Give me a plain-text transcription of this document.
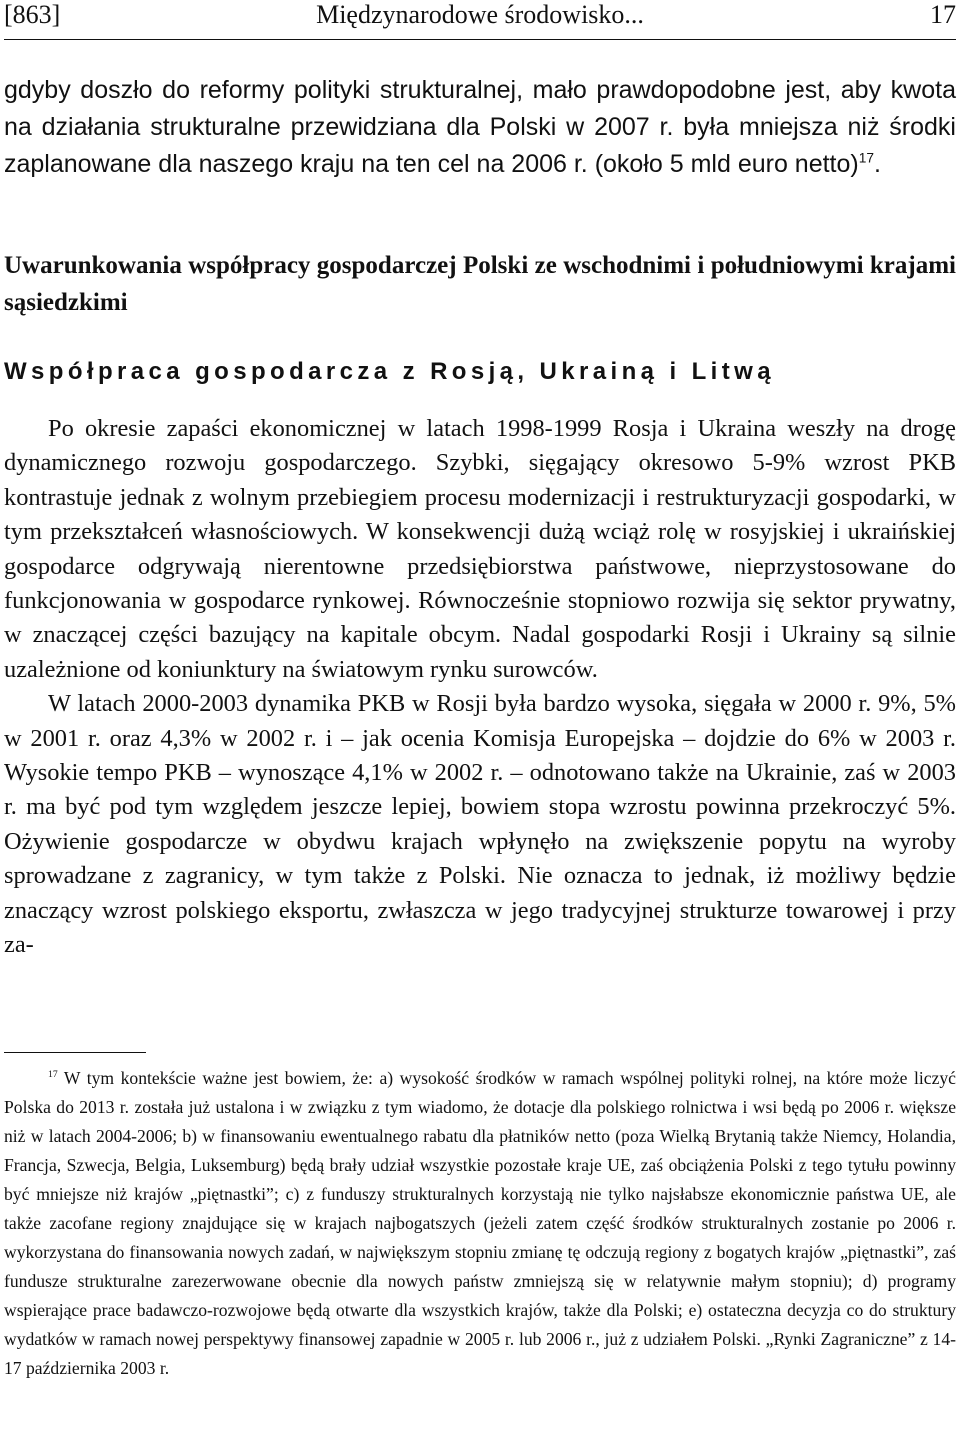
[863]	Międzynarodowe środowisko...	17

gdyby doszło do reformy polityki strukturalnej, mało prawdopodobne jest, aby kwota na działania strukturalne przewidziana dla Polski w 2007 r. była mniejsza niż środki zaplanowane dla naszego kraju na ten cel na 2006 r. (około 5 mld euro netto)$^{17}$.

Uwarunkowania współpracy gospodarczej Polski ze wschodnimi i południowymi krajami sąsiedzkimi
Współpraca gospodarcza z Rosją, Ukrainą i Litwą

Po okresie zapaści ekonomicznej w latach 1998-1999 Rosja i Ukraina weszły na drogę dynamicznego rozwoju gospodarczego. Szybki, sięgający okresowo 5-9% wzrost PKB kontrastuje jednak z wolnym przebiegiem procesu modernizacji i restrukturyzacji gospodarki, w tym przekształceń własnościowych. W konsekwencji dużą wciąż rolę w rosyjskiej i ukraińskiej gospodarce odgrywają nierentowne przedsiębiorstwa państwowe, nieprzystosowane do funkcjonowania w gospodarce rynkowej. Równocześnie stopniowo rozwija się sektor prywatny, w znaczącej części bazujący na kapitale obcym. Nadal gospodarki Rosji i Ukrainy są silnie uzależnione od koniunktury na światowym rynku surowców.

W latach 2000-2003 dynamika PKB w Rosji była bardzo wysoka, sięgała w 2000 r. 9%, 5% w 2001 r. oraz 4,3% w 2002 r. i – jak ocenia Komisja Europejska – dojdzie do 6% w 2003 r. Wysokie tempo PKB – wynoszące 4,1% w 2002 r. – odnotowano także na Ukrainie, zaś w 2003 r. ma być pod tym względem jeszcze lepiej, bowiem stopa wzrostu powinna przekroczyć 5%. Ożywienie gospodarcze w obydwu krajach wpłynęło na zwiększenie popytu na wyroby sprowadzane z zagranicy, w tym także z Polski. Nie oznacza to jednak, iż możliwy będzie znaczący wzrost polskiego eksportu, zwłaszcza w jego tradycyjnej strukturze towarowej i przy za-

$^{17}$ W tym kontekście ważne jest bowiem, że: a) wysokość środków w ramach wspólnej polityki rolnej, na które może liczyć Polska do 2013 r. została już ustalona i w związku z tym wiadomo, że dotacje dla polskiego rolnictwa i wsi będą po 2006 r. większe niż w latach 2004-2006; b) w finansowaniu ewentualnego rabatu dla płatników netto (poza Wielką Brytanią także Niemcy, Holandia, Francja, Szwecja, Belgia, Luksemburg) będą brały udział wszystkie pozostałe kraje UE, zaś obciążenia Polski z tego tytułu powinny być mniejsze niż krajów „piętnastki”; c) z funduszy strukturalnych korzystają nie tylko najsłabsze ekonomicznie państwa UE, ale także zacofane regiony znajdujące się w krajach najbogatszych (jeżeli zatem część środków strukturalnych zostanie po 2006 r. wykorzystana do finansowania nowych zadań, w największym stopniu zmianę tę odczują regiony z bogatych krajów „piętnastki”, zaś fundusze strukturalne zarezerwowane obecnie dla nowych państw zmniejszą się w relatywnie małym stopniu); d) programy wspierające prace badawczo-rozwojowe będą otwarte dla wszystkich krajów, także dla Polski; e) ostateczna decyzja co do struktury wydatków w ramach nowej perspektywy finansowej zapadnie w 2005 r. lub 2006 r., już z udziałem Polski. „Rynki Zagraniczne” z 14-17 października 2003 r.
